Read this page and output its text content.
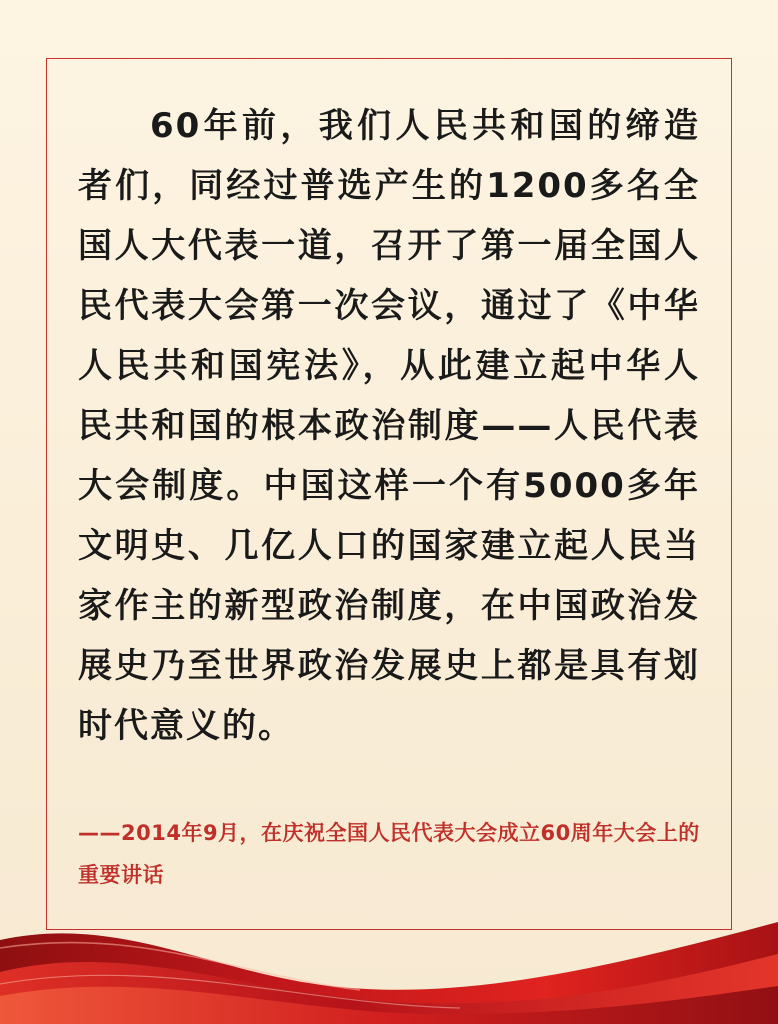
60年前，我们人民共和国的缔造者们，同经过普选产生的1200多名全国人大代表一道，召开了第一届全国人民代表大会第一次会议，通过了《中华人民共和国宪法》，从此建立起中华人民共和国的根本政治制度——人民代表大会制度。中国这样一个有5000多年文明史、几亿人口的国家建立起人民当家作主的新型政治制度，在中国政治发展史乃至世界政治发展史上都是具有划时代意义的。

——2014年9月，在庆祝全国人民代表大会成立60周年大会上的重要讲话
